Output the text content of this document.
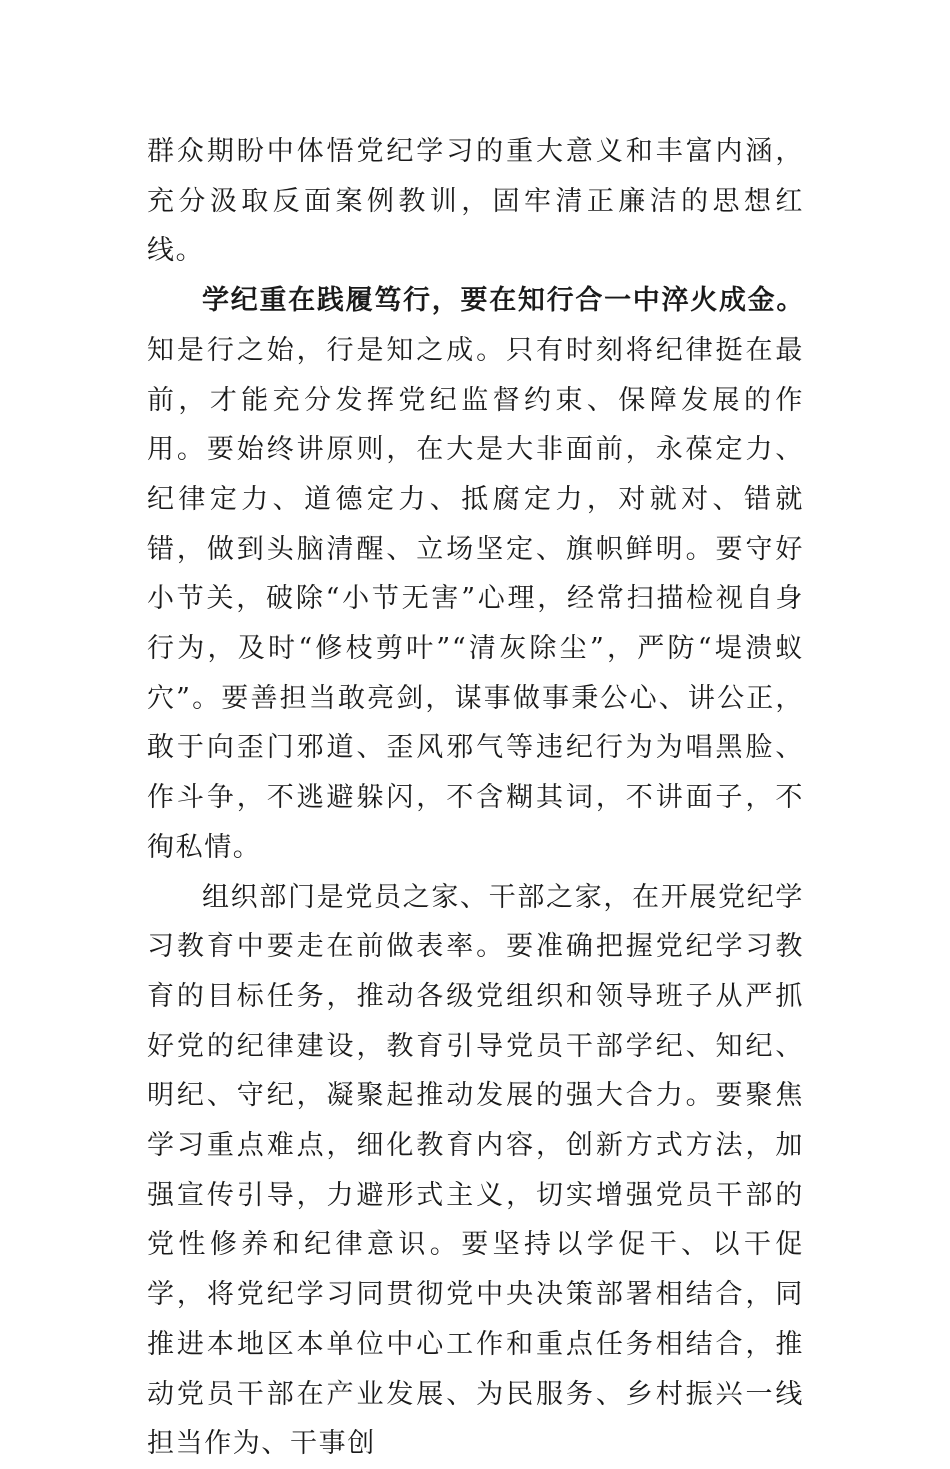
群众期盼中体悟党纪学习的重大意义和丰富内涵，充分汲取反面案例教训，固牢清正廉洁的思想红线。

学纪重在践履笃行，要在知行合一中淬火成金。知是行之始，行是知之成。只有时刻将纪律挺在最前，才能充分发挥党纪监督约束、保障发展的作用。要始终讲原则，在大是大非面前，永葆定力、纪律定力、道德定力、抵腐定力，对就对、错就错，做到头脑清醒、立场坚定、旗帜鲜明。要守好小节关，破除“小节无害”心理，经常扫描检视自身行为，及时“修枝剪叶”“清灰除尘”，严防“堤溃蚁穴”。要善担当敢亮剑，谋事做事秉公心、讲公正，敢于向歪门邪道、歪风邪气等违纪行为为唱黑脸、作斗争，不逃避躲闪，不含糊其词，不讲面子，不徇私情。

组织部门是党员之家、干部之家，在开展党纪学习教育中要走在前做表率。要准确把握党纪学习教育的目标任务，推动各级党组织和领导班子从严抓好党的纪律建设，教育引导党员干部学纪、知纪、明纪、守纪，凝聚起推动发展的强大合力。要聚焦学习重点难点，细化教育内容，创新方式方法，加强宣传引导，力避形式主义，切实增强党员干部的党性修养和纪律意识。要坚持以学促干、以干促学，将党纪学习同贯彻党中央决策部署相结合，同推进本地区本单位中心工作和重点任务相结合，推动党员干部在产业发展、为民服务、乡村振兴一线担当作为、干事创
